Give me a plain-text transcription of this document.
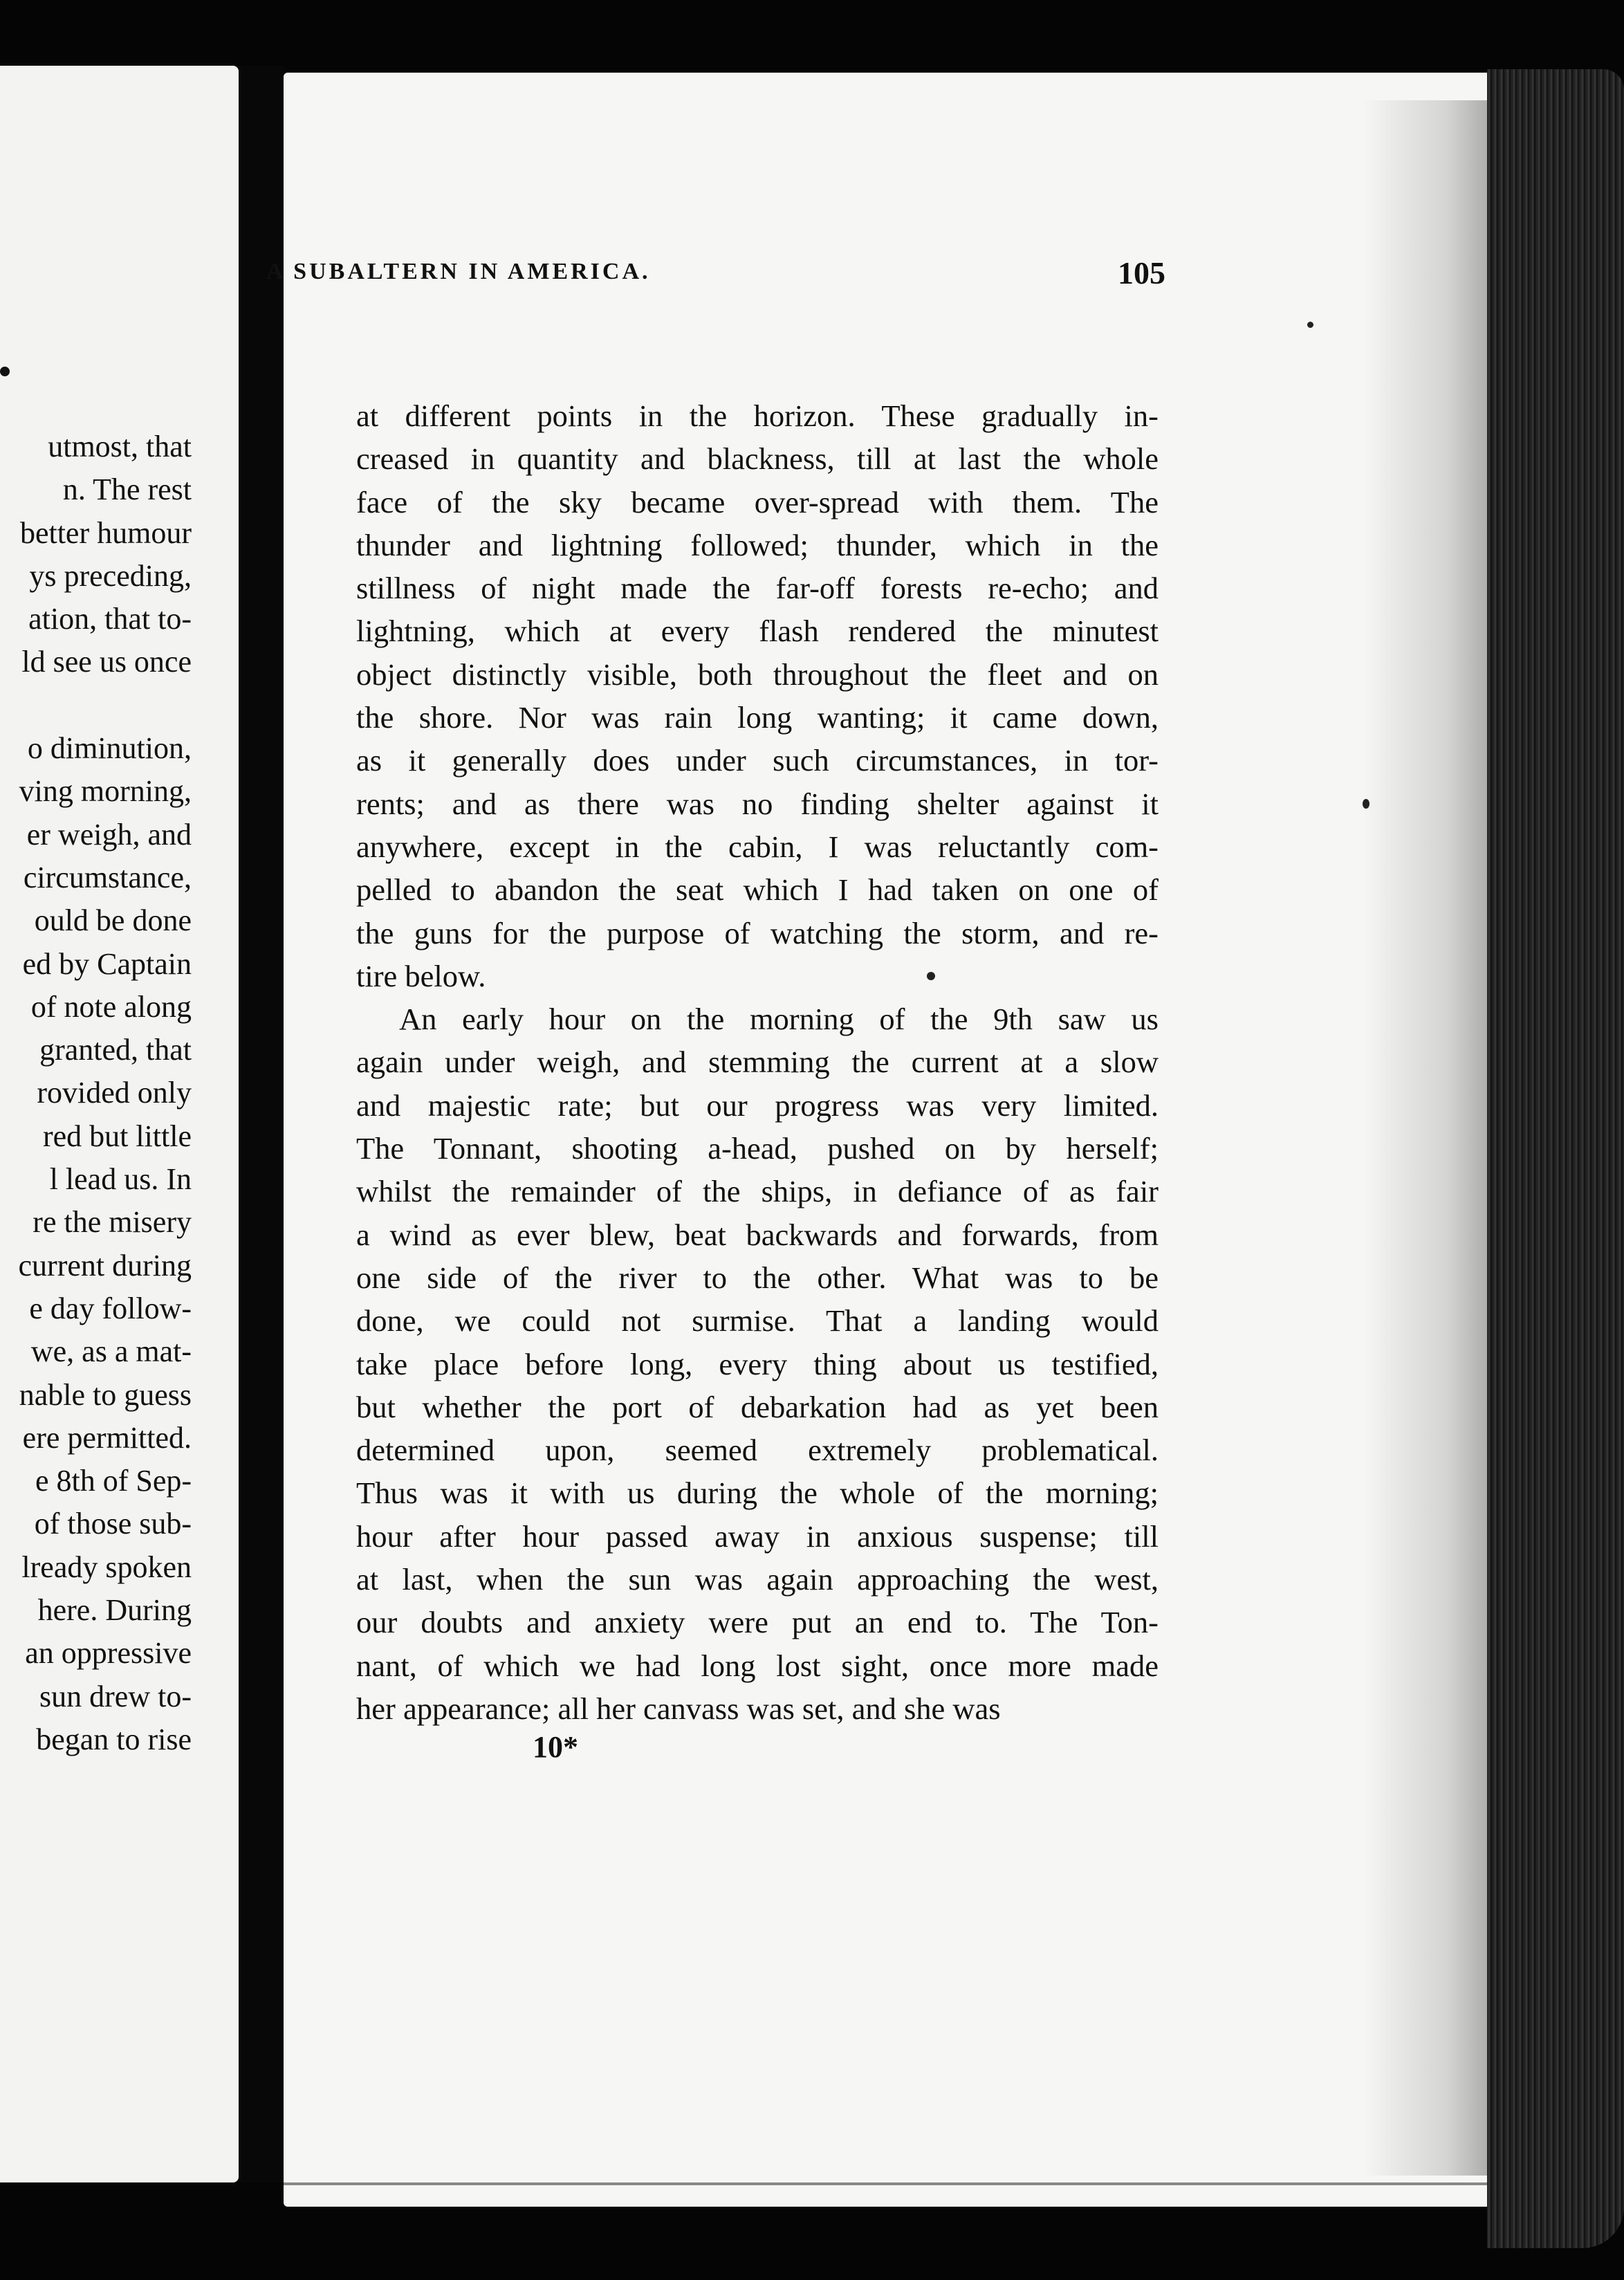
utmost, that
n. The rest
better humour
ys preceding,
ation, that to-
ld see us once

o diminution,
ving morning,
er weigh, and
circumstance,
ould be done
ed by Captain
of note along
granted, that
rovided only
red but little
l lead us. In
re the misery
current during
e day follow-
we, as a mat-
nable to guess
ere permitted.
e 8th of Sep-
of those sub-
lready spoken
here. During
an oppressive
sun drew to-
began to rise
A SUBALTERN IN AMERICA.	105
at different points in the horizon. These gradually in-
creased in quantity and blackness, till at last the whole
face of the sky became over-spread with them. The
thunder and lightning followed; thunder, which in the
stillness of night made the far-off forests re-echo; and
lightning, which at every flash rendered the minutest
object distinctly visible, both throughout the fleet and on
the shore. Nor was rain long wanting; it came down,
as it generally does under such circumstances, in tor-
rents; and as there was no finding shelter against it
anywhere, except in the cabin, I was reluctantly com-
pelled to abandon the seat which I had taken on one of
the guns for the purpose of watching the storm, and re-
tire below.
An early hour on the morning of the 9th saw us
again under weigh, and stemming the current at a slow
and majestic rate; but our progress was very limited.
The Tonnant, shooting a-head, pushed on by herself;
whilst the remainder of the ships, in defiance of as fair
a wind as ever blew, beat backwards and forwards, from
one side of the river to the other. What was to be
done, we could not surmise. That a landing would
take place before long, every thing about us testified,
but whether the port of debarkation had as yet been
determined upon, seemed extremely problematical.
Thus was it with us during the whole of the morning;
hour after hour passed away in anxious suspense; till
at last, when the sun was again approaching the west,
our doubts and anxiety were put an end to. The Ton-
nant, of which we had long lost sight, once more made
her appearance; all her canvass was set, and she was
10*
